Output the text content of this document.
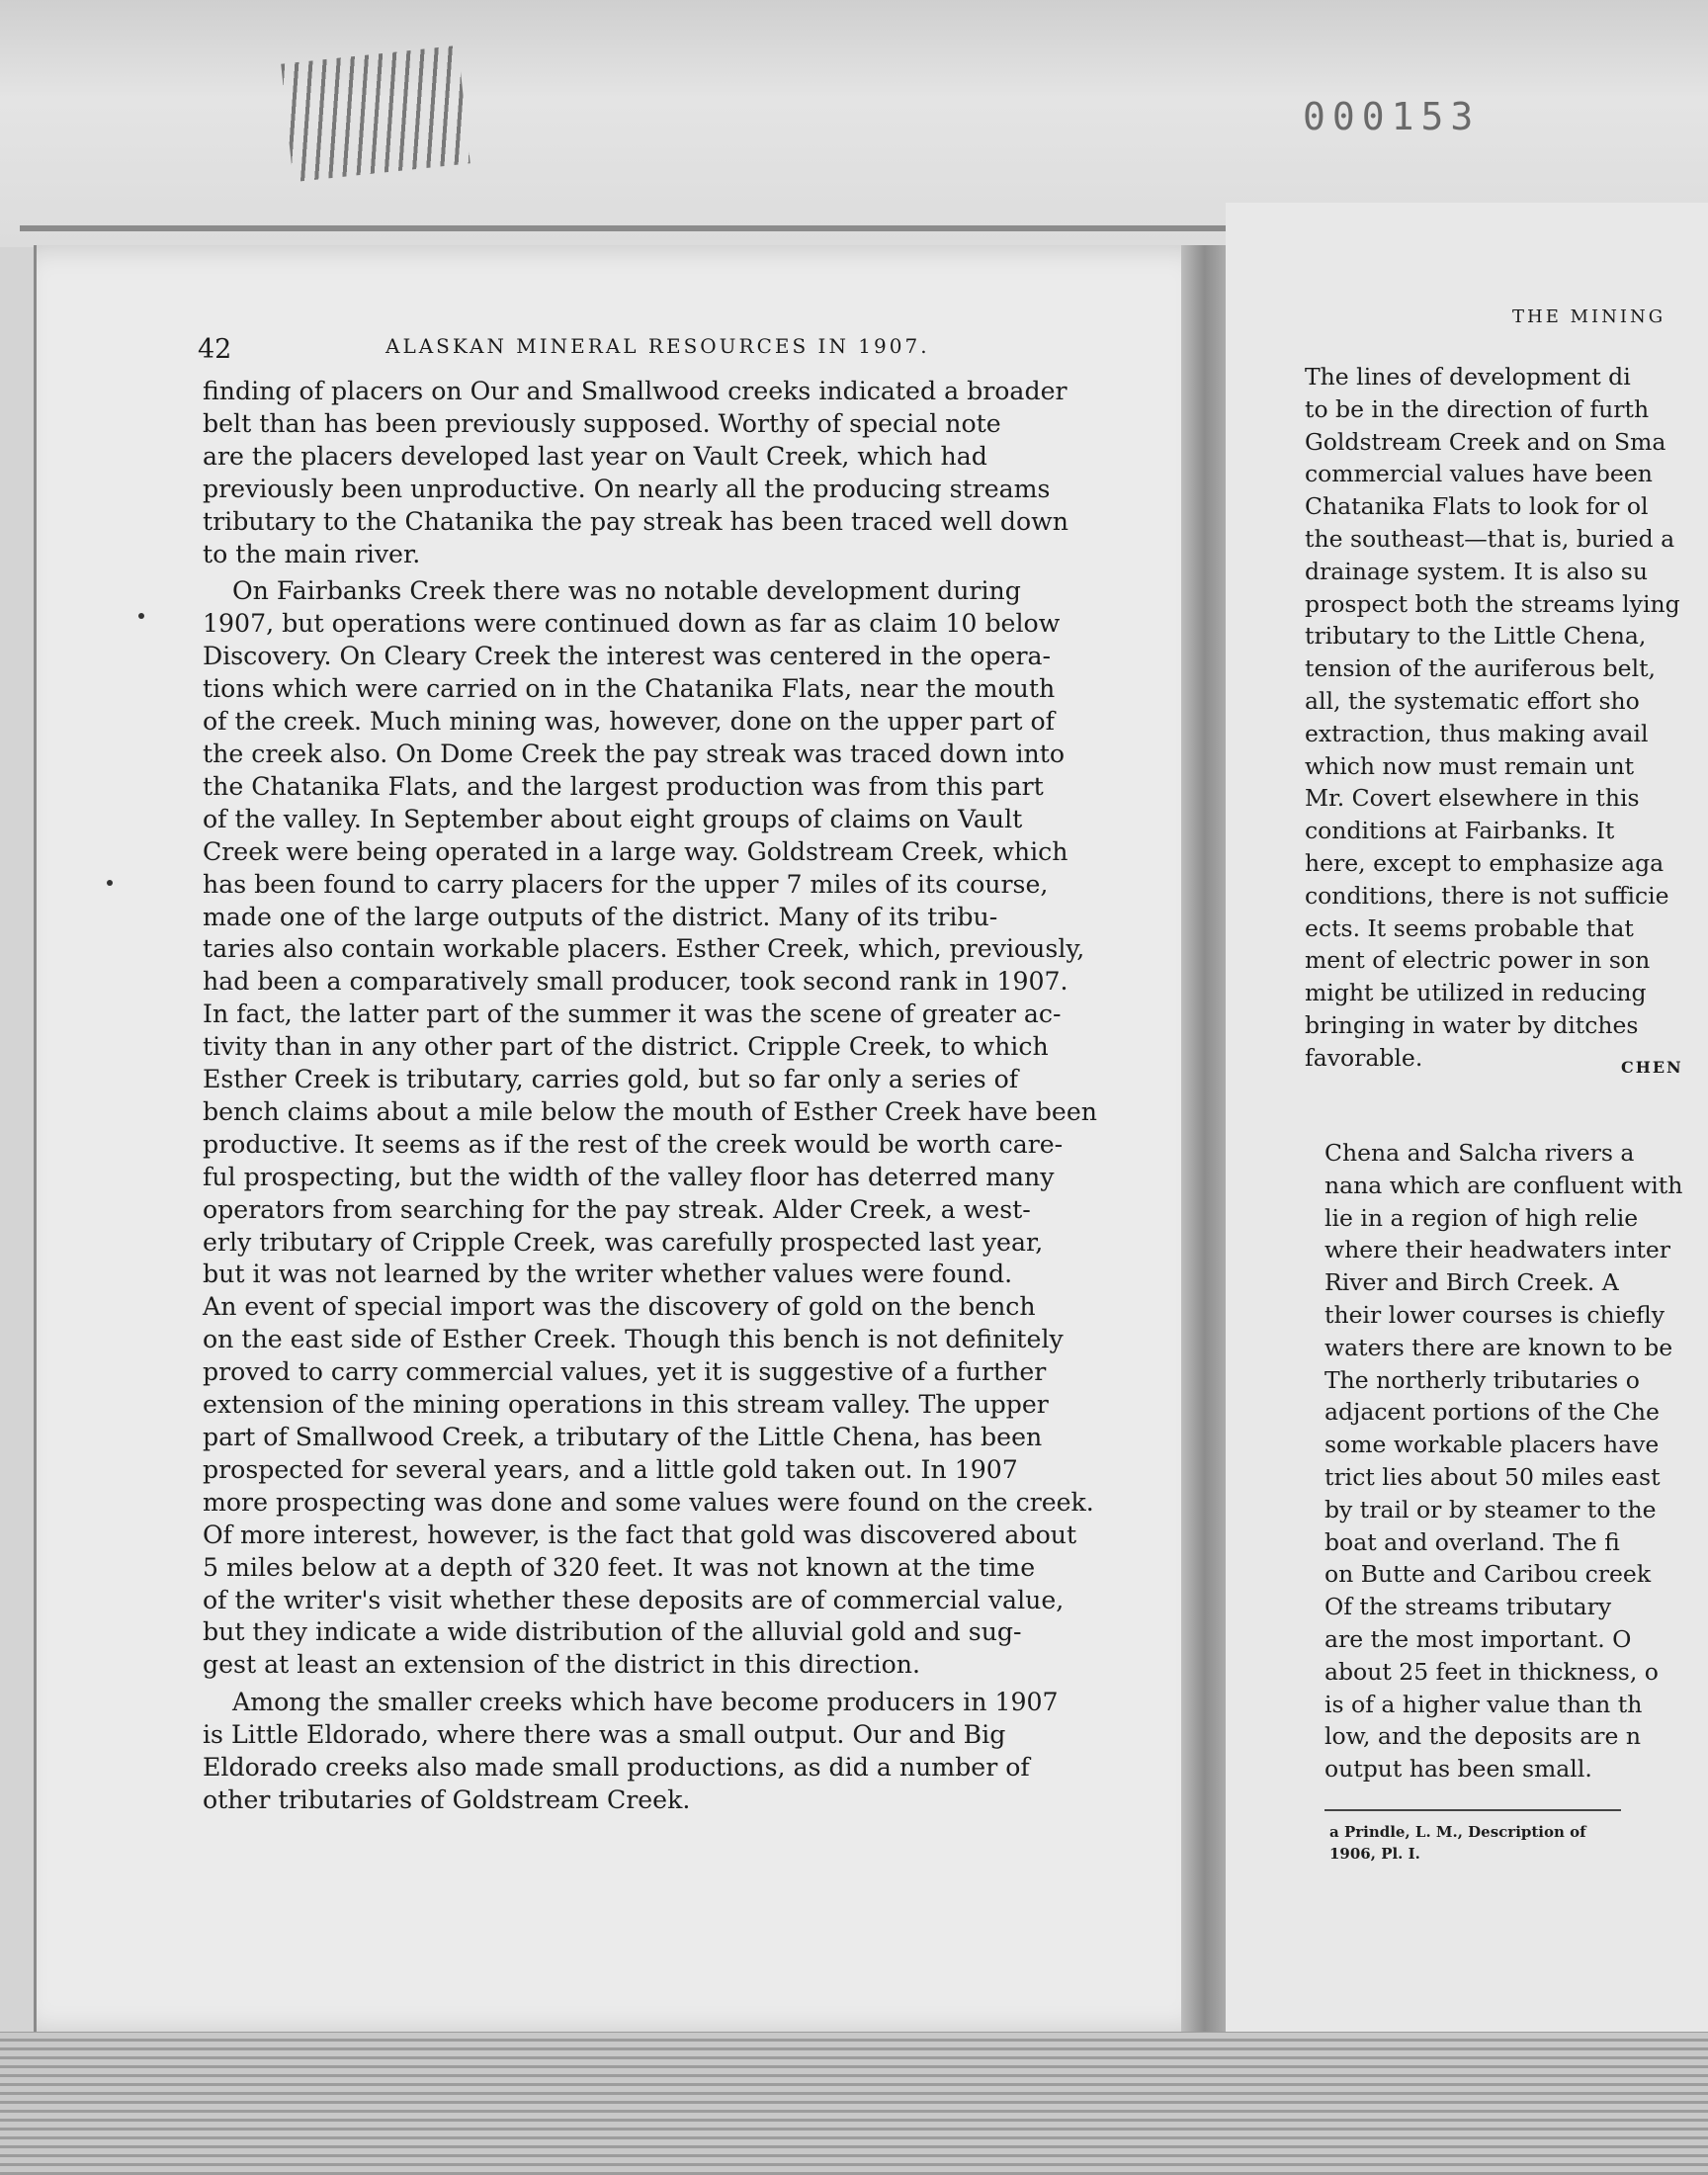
000153
42	ALASKAN MINERAL RESOURCES IN 1907.
finding of placers on Our and Smallwood creeks indicated a broader
belt than has been previously supposed. Worthy of special note
are the placers developed last year on Vault Creek, which had
previously been unproductive. On nearly all the producing streams
tributary to the Chatanika the pay streak has been traced well down
to the main river.
On Fairbanks Creek there was no notable development during
1907, but operations were continued down as far as claim 10 below
Discovery. On Cleary Creek the interest was centered in the opera-
tions which were carried on in the Chatanika Flats, near the mouth
of the creek. Much mining was, however, done on the upper part of
the creek also. On Dome Creek the pay streak was traced down into
the Chatanika Flats, and the largest production was from this part
of the valley. In September about eight groups of claims on Vault
Creek were being operated in a large way. Goldstream Creek, which
has been found to carry placers for the upper 7 miles of its course,
made one of the large outputs of the district. Many of its tribu-
taries also contain workable placers. Esther Creek, which, previously,
had been a comparatively small producer, took second rank in 1907.
In fact, the latter part of the summer it was the scene of greater ac-
tivity than in any other part of the district. Cripple Creek, to which
Esther Creek is tributary, carries gold, but so far only a series of
bench claims about a mile below the mouth of Esther Creek have been
productive. It seems as if the rest of the creek would be worth care-
ful prospecting, but the width of the valley floor has deterred many
operators from searching for the pay streak. Alder Creek, a west-
erly tributary of Cripple Creek, was carefully prospected last year,
but it was not learned by the writer whether values were found.
An event of special import was the discovery of gold on the bench
on the east side of Esther Creek. Though this bench is not definitely
proved to carry commercial values, yet it is suggestive of a further
extension of the mining operations in this stream valley. The upper
part of Smallwood Creek, a tributary of the Little Chena, has been
prospected for several years, and a little gold taken out. In 1907
more prospecting was done and some values were found on the creek.
Of more interest, however, is the fact that gold was discovered about
5 miles below at a depth of 320 feet. It was not known at the time
of the writer's visit whether these deposits are of commercial value,
but they indicate a wide distribution of the alluvial gold and sug-
gest at least an extension of the district in this direction.
Among the smaller creeks which have become producers in 1907
is Little Eldorado, where there was a small output. Our and Big
Eldorado creeks also made small productions, as did a number of
other tributaries of Goldstream Creek.
THE MINING
The lines of development di
to be in the direction of furth
Goldstream Creek and on Sma
commercial values have been
Chatanika Flats to look for ol
the southeast—that is, buried a
drainage system. It is also su
prospect both the streams lying
tributary to the Little Chena,
tension of the auriferous belt,
all, the systematic effort sho
extraction, thus making avail
which now must remain unt
Mr. Covert elsewhere in this
conditions at Fairbanks. It
here, except to emphasize aga
conditions, there is not sufficie
ects. It seems probable that
ment of electric power in son
might be utilized in reducing
bringing in water by ditches
favorable.	CHEN
Chena and Salcha rivers a
nana which are confluent with
lie in a region of high relie
where their headwaters inter
River and Birch Creek. A
their lower courses is chiefly
waters there are known to be
The northerly tributaries o
adjacent portions of the Che
some workable placers have
trict lies about 50 miles east
by trail or by steamer to the
boat and overland. The fi
on Butte and Caribou creek
Of the streams tributary
are the most important. O
about 25 feet in thickness, o
is of a higher value than th
low, and the deposits are n
output has been small.
a Prindle, L. M., Description of
1906, Pl. I.
